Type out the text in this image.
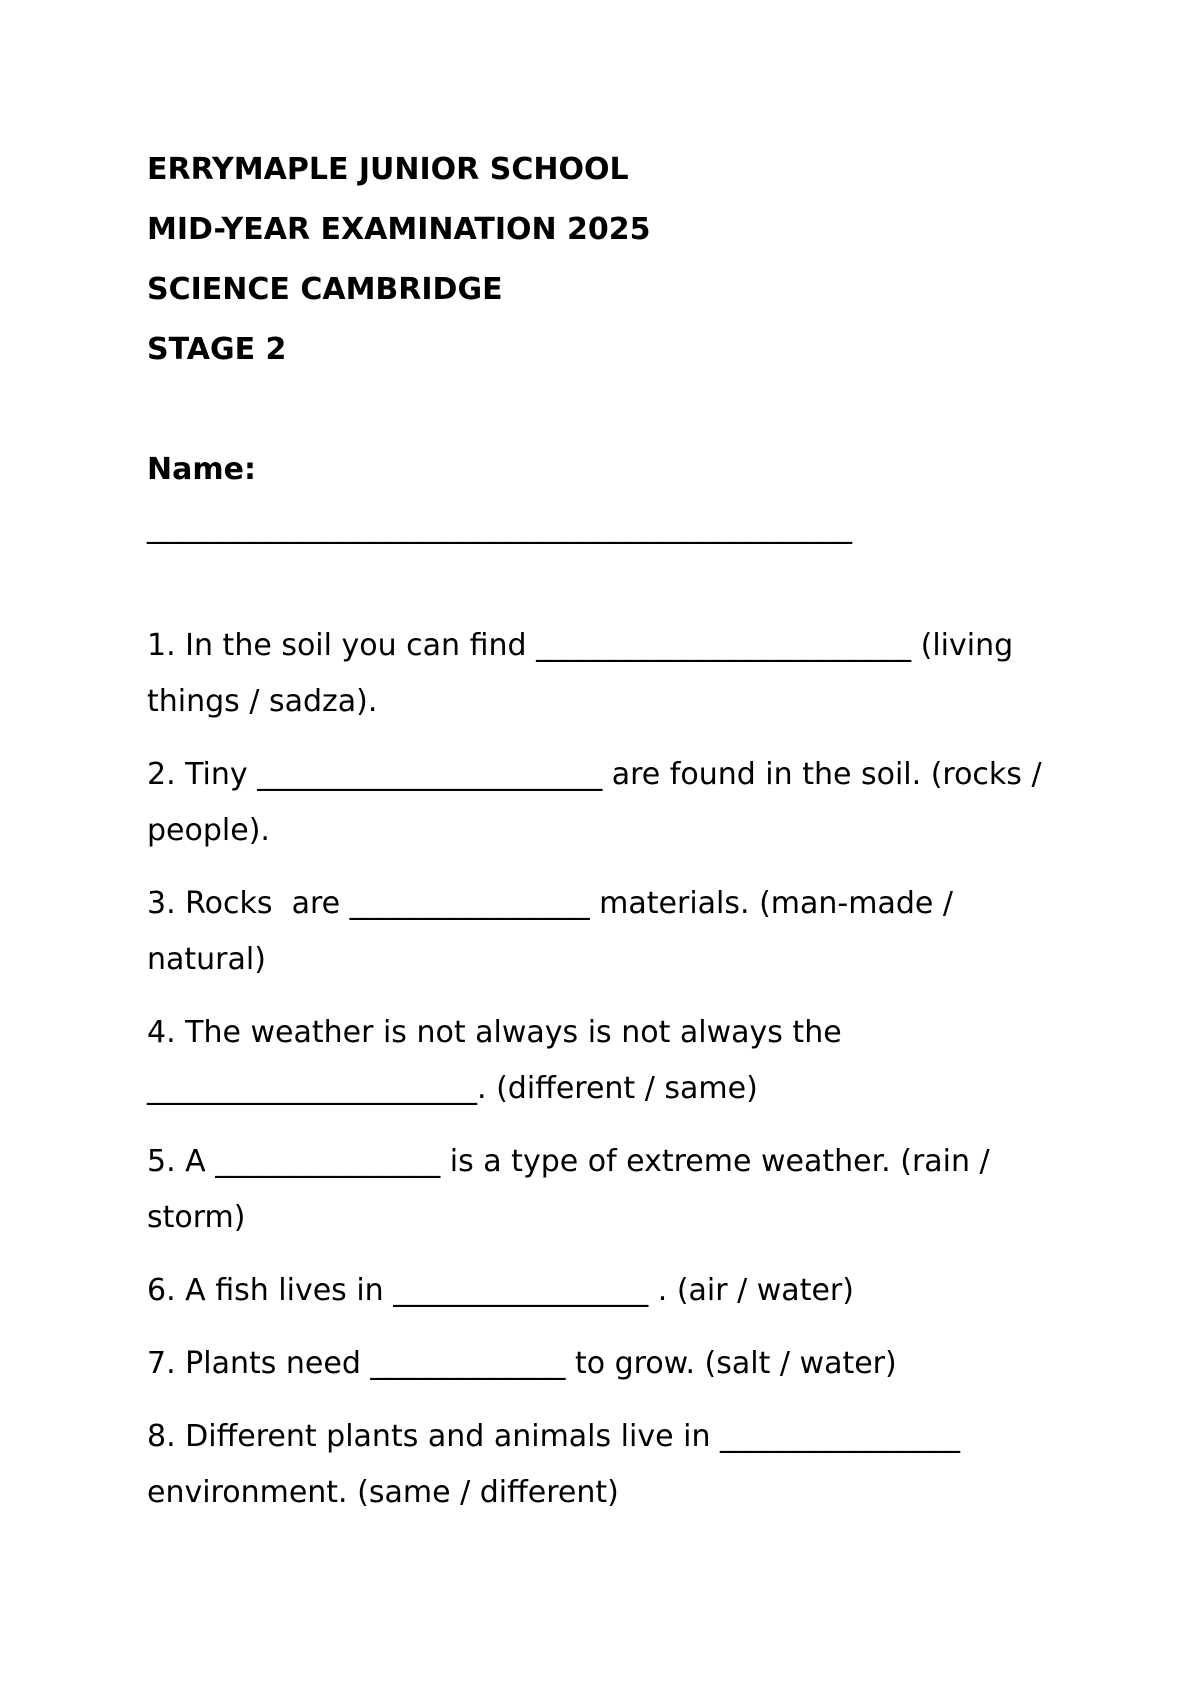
ERRYMAPLE JUNIOR SCHOOL
MID-YEAR EXAMINATION 2025
SCIENCE CAMBRIDGE
STAGE 2
Name:
_______________________________________________
1. In the soil you can find _________________________ (living things / sadza).
2. Tiny _______________________ are found in the soil. (rocks / people).
3. Rocks  are ________________ materials. (man-made / natural)
4. The weather is not always is not always the ______________________. (different / same)
5. A _______________ is a type of extreme weather. (rain / storm)
6. A fish lives in _________________ . (air / water)
7. Plants need _____________ to grow. (salt / water)
8. Different plants and animals live in ________________ environment. (same / different)
